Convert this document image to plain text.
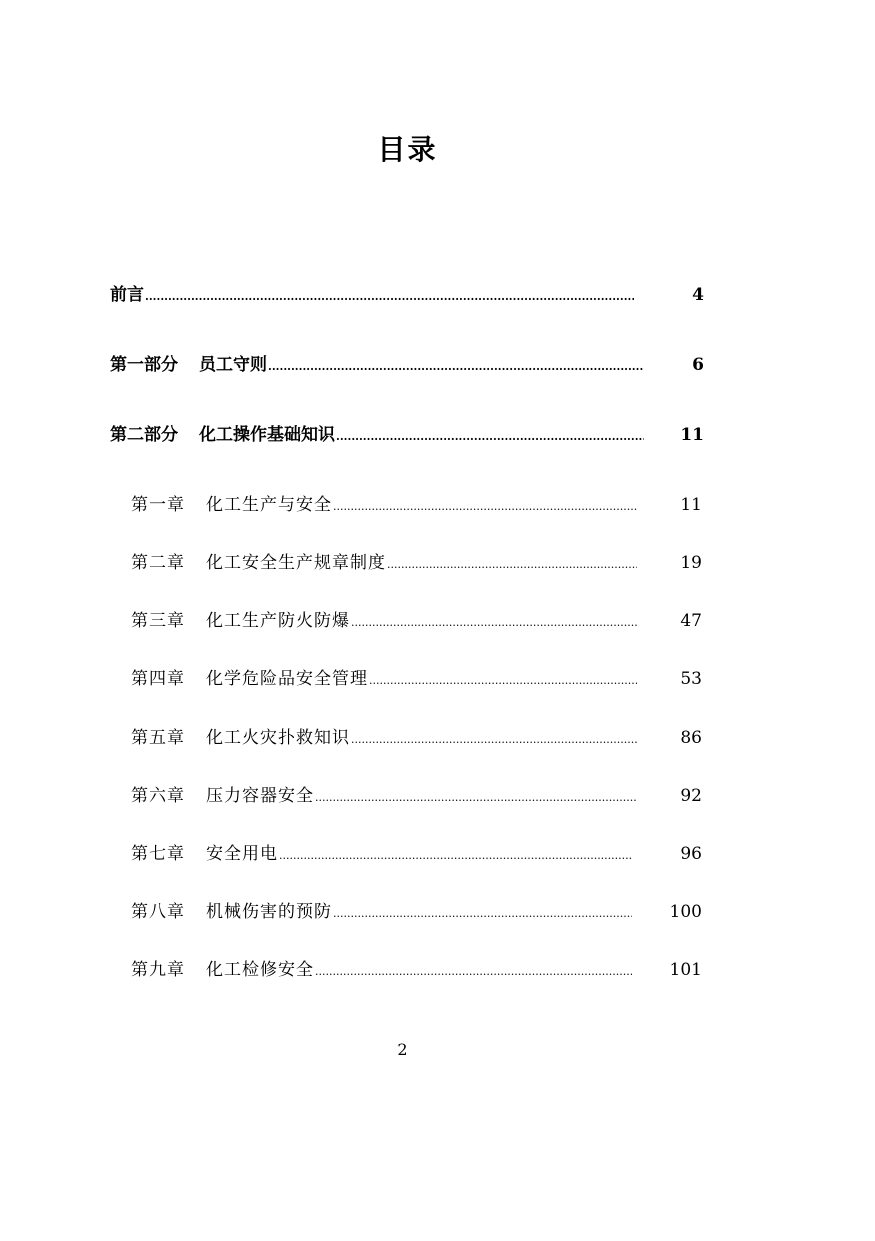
目录
前言 .....	4
第一部分 员工守则 .....	6
第二部分 化工操作基础知识 .....	11
第一章 化工生产与安全 .....	11
第二章 化工安全生产规章制度 .....	19
第三章 化工生产防火防爆 .....	47
第四章 化学危险品安全管理 .....	53
第五章 化工火灾扑救知识 .....	86
第六章 压力容器安全 .....	92
第七章 安全用电 .....	96
第八章 机械伤害的预防 .....	100
第九章 化工检修安全 .....	101
2
